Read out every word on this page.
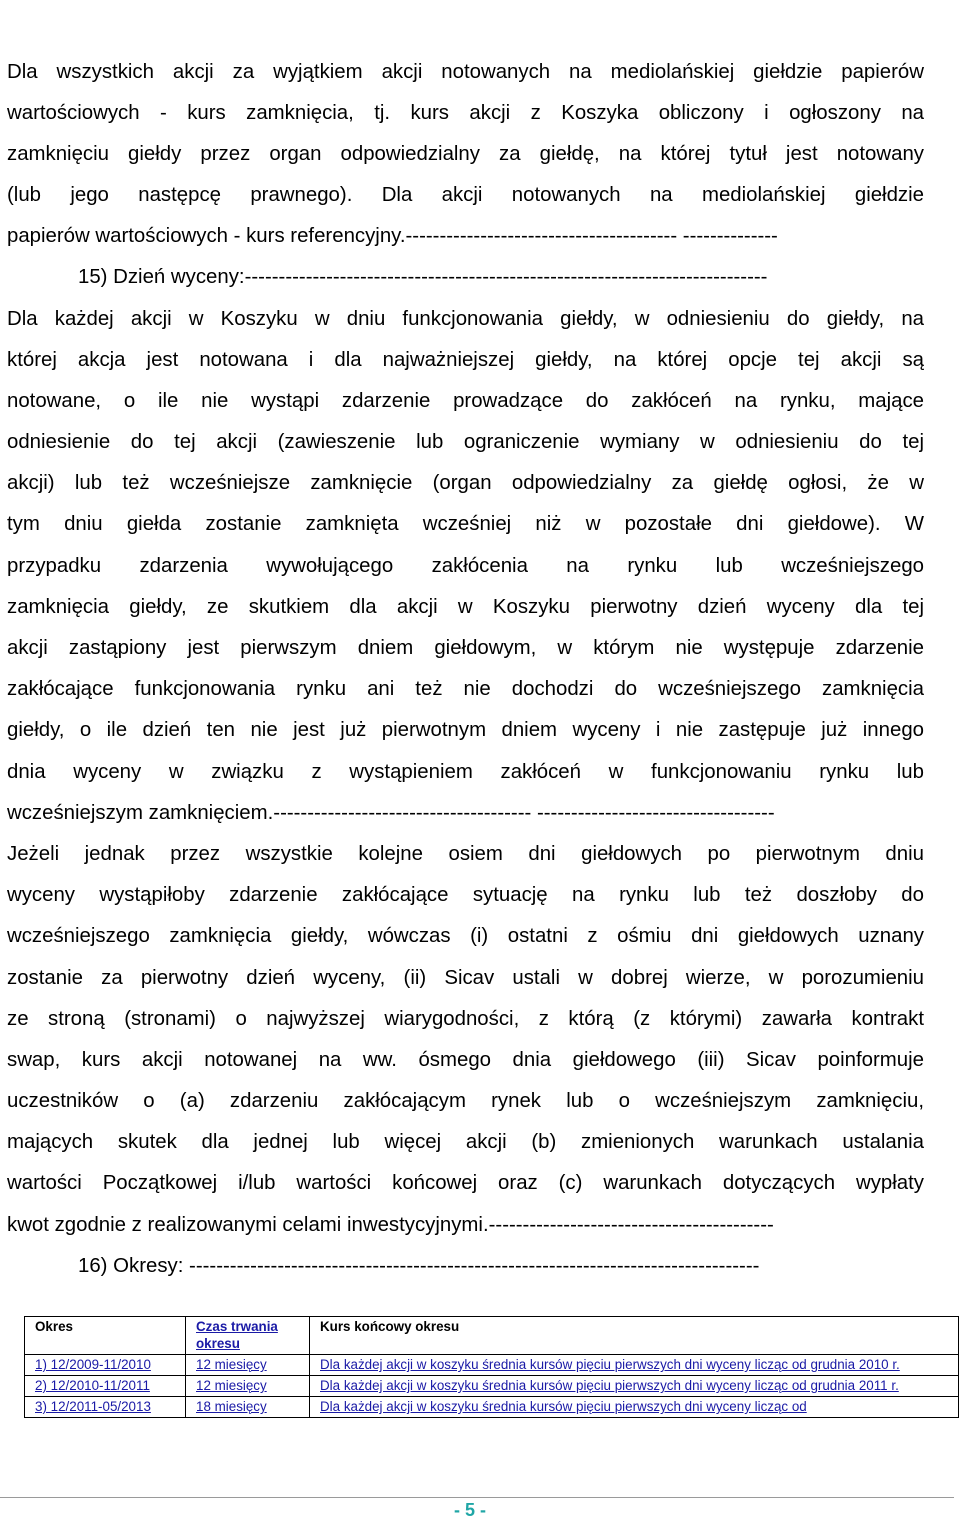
Dla wszystkich akcji za wyjątkiem akcji notowanych na mediolańskiej giełdzie papierów
wartościowych - kurs zamknięcia, tj. kurs akcji z Koszyka obliczony i ogłoszony na
zamknięciu giełdy przez organ odpowiedzialny za giełdę, na której tytuł jest notowany
(lub jego następcę prawnego). Dla akcji notowanych na mediolańskiej giełdzie
papierów wartościowych - kurs referencyjny.---------------------------------------- --------------
15) Dzień wyceny:-----------------------------------------------------------------------------
Dla każdej akcji w Koszyku w dniu funkcjonowania giełdy, w odniesieniu do giełdy, na
której akcja jest notowana i dla najważniejszej giełdy, na której opcje tej akcji są
notowane, o ile nie wystąpi zdarzenie prowadzące do zakłóceń na rynku, mające
odniesienie do tej akcji (zawieszenie lub ograniczenie wymiany w odniesieniu do tej
akcji) lub też wcześniejsze zamknięcie (organ odpowiedzialny za giełdę ogłosi, że w
tym dniu giełda zostanie zamknięta wcześniej niż w pozostałe dni giełdowe). W
przypadku zdarzenia wywołującego zakłócenia na rynku lub wcześniejszego
zamknięcia giełdy, ze skutkiem dla akcji w Koszyku pierwotny dzień wyceny dla tej
akcji zastąpiony jest pierwszym dniem giełdowym, w którym nie występuje zdarzenie
zakłócające funkcjonowania rynku ani też nie dochodzi do wcześniejszego zamknięcia
giełdy, o ile dzień ten nie jest już pierwotnym dniem wyceny i nie zastępuje już innego
dnia wyceny w związku z wystąpieniem zakłóceń w funkcjonowaniu rynku lub
wcześniejszym zamknięciem.-------------------------------------- -----------------------------------
Jeżeli jednak przez wszystkie kolejne osiem dni giełdowych po pierwotnym dniu
wyceny wystąpiłoby zdarzenie zakłócające sytuację na rynku lub też doszłoby do
wcześniejszego zamknięcia giełdy, wówczas (i) ostatni z ośmiu dni giełdowych uznany
zostanie za pierwotny dzień wyceny, (ii) Sicav ustali w dobrej wierze, w porozumieniu
ze stroną (stronami) o najwyższej wiarygodności, z którą (z którymi) zawarła kontrakt
swap, kurs akcji notowanej na ww. ósmego dnia giełdowego (iii) Sicav poinformuje
uczestników o (a) zdarzeniu zakłócającym rynek lub o wcześniejszym zamknięciu,
mających skutek dla jednej lub więcej akcji (b) zmienionych warunkach ustalania
wartości Początkowej i/lub wartości końcowej oraz (c) warunkach dotyczących wypłaty
kwot zgodnie z realizowanymi celami inwestycyjnymi.------------------------------------------
16) Okresy: ------------------------------------------------------------------------------------
Okres	Czas trwania okresu	Kurs końcowy okresu
1) 12/2009-11/2010	12 miesięcy	Dla każdej akcji w koszyku średnia kursów pięciu pierwszych dni wyceny licząc od grudnia 2010 r.
2) 12/2010-11/2011	12 miesięcy	Dla każdej akcji w koszyku średnia kursów pięciu pierwszych dni wyceny licząc od grudnia 2011 r.
3) 12/2011-05/2013	18 miesięcy	Dla każdej akcji w koszyku średnia kursów pięciu pierwszych dni wyceny licząc od
- 5 -
